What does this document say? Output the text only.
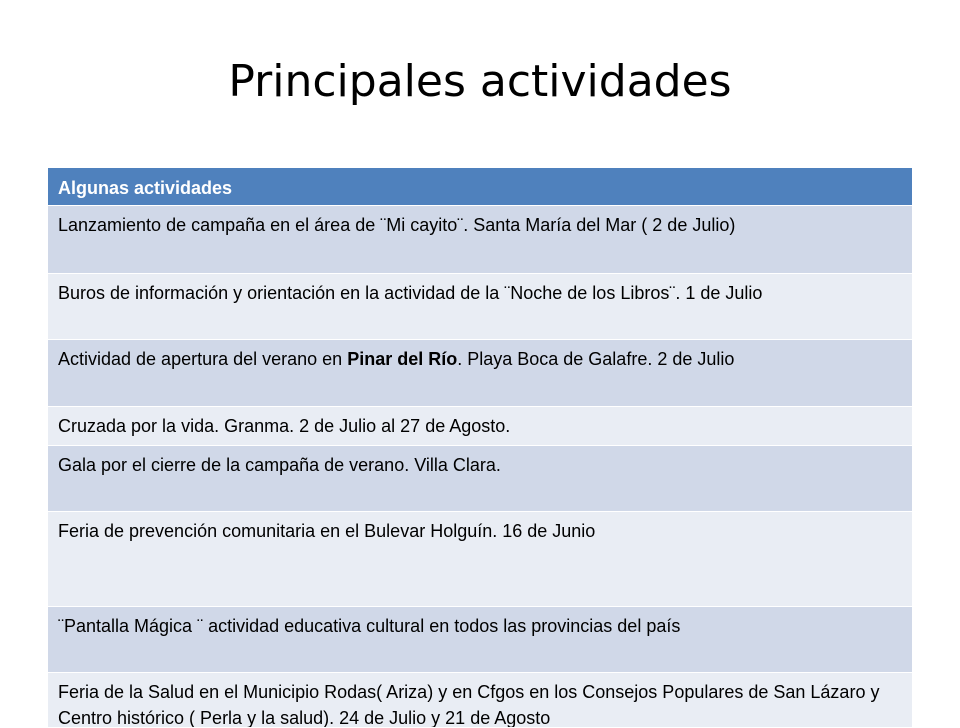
Principales actividades
Algunas actividades
Lanzamiento de campaña en el área de ¨Mi cayito¨. Santa María del Mar ( 2 de Julio)
Buros de información y orientación en la actividad de la ¨Noche de los Libros¨. 1 de Julio
Actividad de apertura del verano en Pinar del Río. Playa Boca de Galafre. 2 de Julio
Cruzada por la vida. Granma. 2 de Julio al 27 de Agosto.
Gala por el cierre de la campaña de verano. Villa Clara.
Feria de prevención comunitaria en el Bulevar Holguín. 16 de Junio
¨Pantalla Mágica ¨ actividad educativa cultural en todos las provincias del país
Feria de la Salud en el Municipio Rodas( Ariza) y en Cfgos en los Consejos Populares de San Lázaro y Centro histórico ( Perla y la salud). 24 de Julio y 21 de Agosto
